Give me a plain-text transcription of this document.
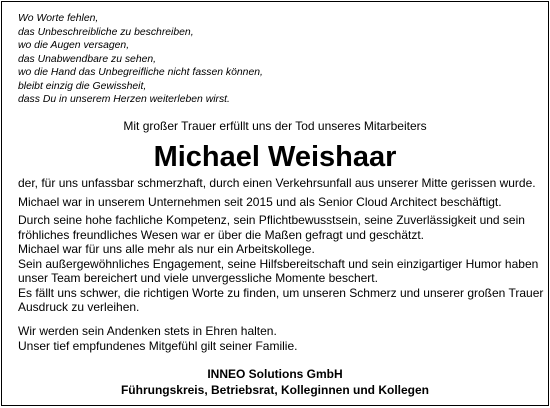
Wo Worte fehlen,
das Unbeschreibliche zu beschreiben,
wo die Augen versagen,
das Unabwendbare zu sehen,
wo die Hand das Unbegreifliche nicht fassen können,
bleibt einzig die Gewissheit,
dass Du in unserem Herzen weiterleben wirst.
Mit großer Trauer erfüllt uns der Tod unseres Mitarbeiters
Michael Weishaar
der, für uns unfassbar schmerzhaft, durch einen Verkehrsunfall aus unserer Mitte gerissen wurde.
Michael war in unserem Unternehmen seit 2015 und als Senior Cloud Architect beschäftigt.
Durch seine hohe fachliche Kompetenz, sein Pflichtbewusstsein, seine Zuverlässigkeit und sein
fröhliches freundliches Wesen war er über die Maßen gefragt und geschätzt.
Michael war für uns alle mehr als nur ein Arbeitskollege.
Sein außergewöhnliches Engagement, seine Hilfsbereitschaft und sein einzigartiger Humor haben
unser Team bereichert und viele unvergessliche Momente beschert.
Es fällt uns schwer, die richtigen Worte zu finden, um unseren Schmerz und unserer großen Trauer
Ausdruck zu verleihen.
Wir werden sein Andenken stets in Ehren halten.
Unser tief empfundenes Mitgefühl gilt seiner Familie.
INNEO Solutions GmbH
Führungskreis, Betriebsrat, Kolleginnen und Kollegen
